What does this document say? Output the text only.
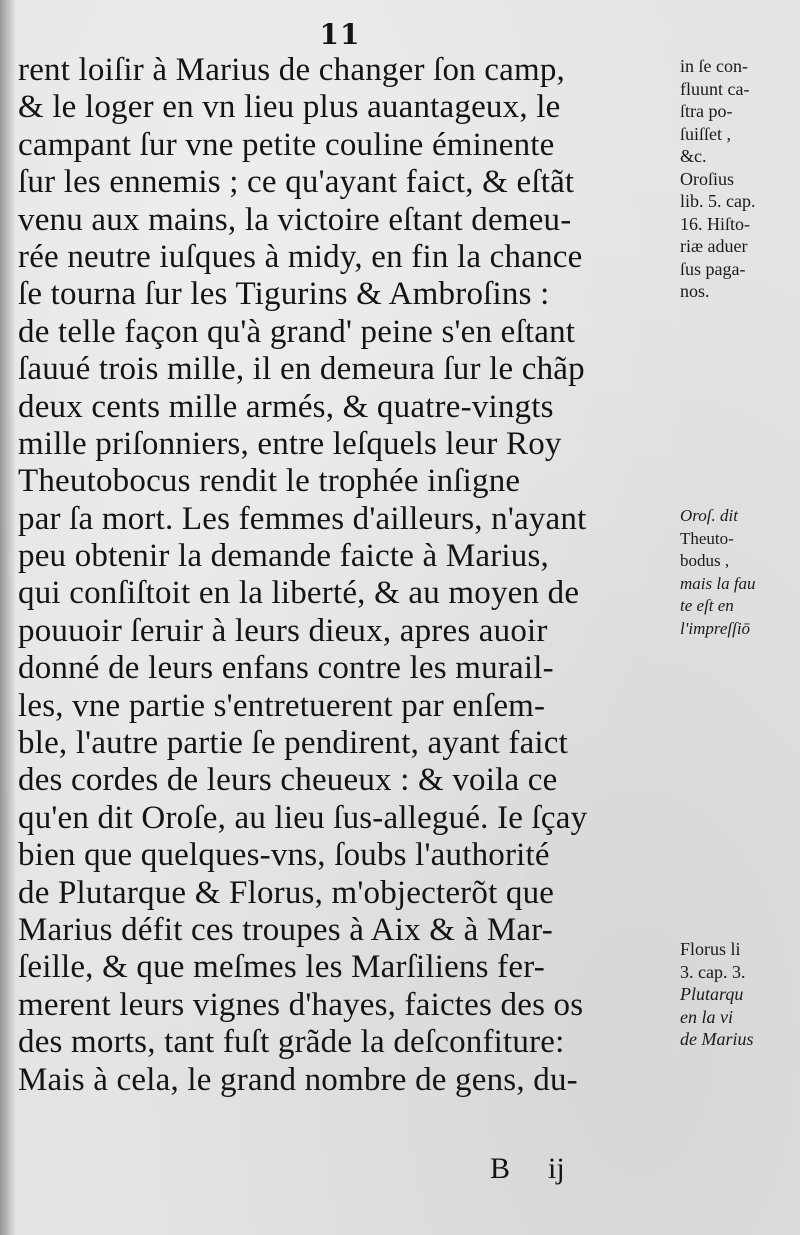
11
rent loiſir à Marius de changer ſon camp,
& le loger en vn lieu plus auantageux, le
campant ſur vne petite couline éminente
ſur les ennemis ; ce qu'ayant faict, & eſtãt
venu aux mains, la victoire eſtant demeu-
rée neutre iuſques à midy, en fin la chance
ſe tourna ſur les Tigurins & Ambroſins :
de telle façon qu'à grand' peine s'en eſtant
ſauué trois mille, il en demeura ſur le chãp
deux cents mille armés, & quatre-vingts
mille priſonniers, entre leſquels leur Roy
Theutobocus rendit le trophée inſigne
par ſa mort. Les femmes d'ailleurs, n'ayant
peu obtenir la demande faicte à Marius,
qui conſiſtoit en la liberté, & au moyen de
pouuoir ſeruir à leurs dieux, apres auoir
donné de leurs enfans contre les murail-
les, vne partie s'entretuerent par enſem-
ble, l'autre partie ſe pendirent, ayant faict
des cordes de leurs cheueux : & voila ce
qu'en dit Oroſe, au lieu ſus-allegué. Ie ſçay
bien que quelques-vns, ſoubs l'authorité
de Plutarque & Florus, m'objecterõt que
Marius défit ces troupes à Aix & à Mar-
ſeille, & que meſmes les Marſiliens fer-
merent leurs vignes d'hayes, faictes des os
des morts, tant fuſt grãde la deſconfiture:
Mais à cela, le grand nombre de gens, du-
B ij
in ſe con-
fluunt ca-
ſtra po-
ſuiſſet ,
&c.
Oroſius
lib. 5. cap.
16. Hiſto-
riæ aduer
ſus paga-
nos.
Oroſ. dit
Theuto-
bodus ,
mais la fau
te eſt en
l'impreſſiō
Florus li
3. cap. 3.
Plutarqu
en la vi
de Marius
